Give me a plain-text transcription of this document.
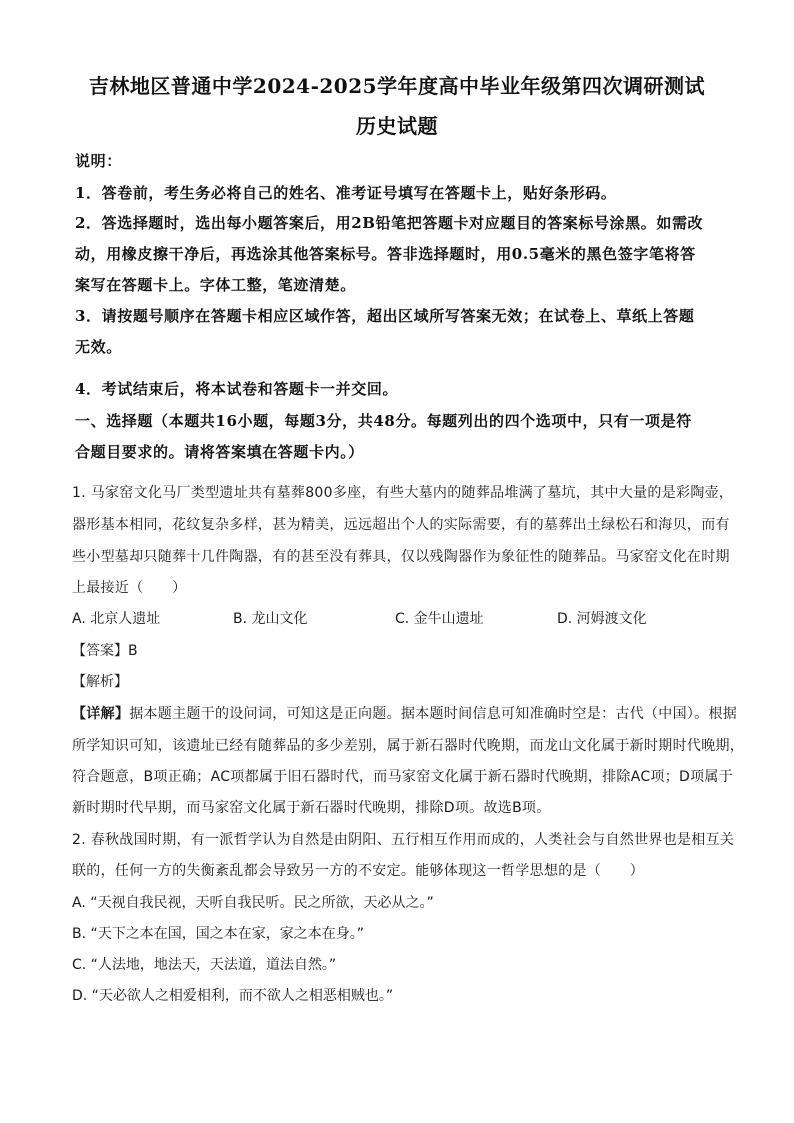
吉林地区普通中学2024-2025学年度高中毕业年级第四次调研测试
历史试题
说明：
1．答卷前，考生务必将自己的姓名、准考证号填写在答题卡上，贴好条形码。
2．答选择题时，选出每小题答案后，用2B铅笔把答题卡对应题目的答案标号涂黑。如需改
动，用橡皮擦干净后，再选涂其他答案标号。答非选择题时，用0.5毫米的黑色签字笔将答
案写在答题卡上。字体工整，笔迹清楚。
3．请按题号顺序在答题卡相应区域作答，超出区域所写答案无效；在试卷上、草纸上答题
无效。
4．考试结束后，将本试卷和答题卡一并交回。
一、选择题（本题共16小题，每题3分，共48分。每题列出的四个选项中，只有一项是符
合题目要求的。请将答案填在答题卡内。）
1. 马家窑文化马厂类型遗址共有墓葬800多座，有些大墓内的随葬品堆满了墓坑，其中大量的是彩陶壶，
器形基本相同，花纹复杂多样，甚为精美，远远超出个人的实际需要，有的墓葬出土绿松石和海贝，而有
些小型墓却只随葬十几件陶器，有的甚至没有葬具，仅以残陶器作为象征性的随葬品。马家窑文化在时期
上最接近（　　）
A. 北京人遗址	B. 龙山文化	C. 金牛山遗址	D. 河姆渡文化
【答案】B
【解析】
【详解】据本题主题干的设问词，可知这是正向题。据本题时间信息可知准确时空是：古代（中国）。根据
所学知识可知，该遗址已经有随葬品的多少差别，属于新石器时代晚期，而龙山文化属于新时期时代晚期，
符合题意，B项正确；AC项都属于旧石器时代，而马家窑文化属于新石器时代晚期，排除AC项；D项属于
新时期时代早期，而马家窑文化属于新石器时代晚期，排除D项。故选B项。
2. 春秋战国时期，有一派哲学认为自然是由阴阳、五行相互作用而成的，人类社会与自然世界也是相互关
联的，任何一方的失衡紊乱都会导致另一方的不安定。能够体现这一哲学思想的是（　　）
A. “天视自我民视，天听自我民听。民之所欲，天必从之。”
B. “天下之本在国，国之本在家，家之本在身。”
C. “人法地，地法天，天法道，道法自然。”
D. “天必欲人之相爱相利，而不欲人之相恶相贼也。”
